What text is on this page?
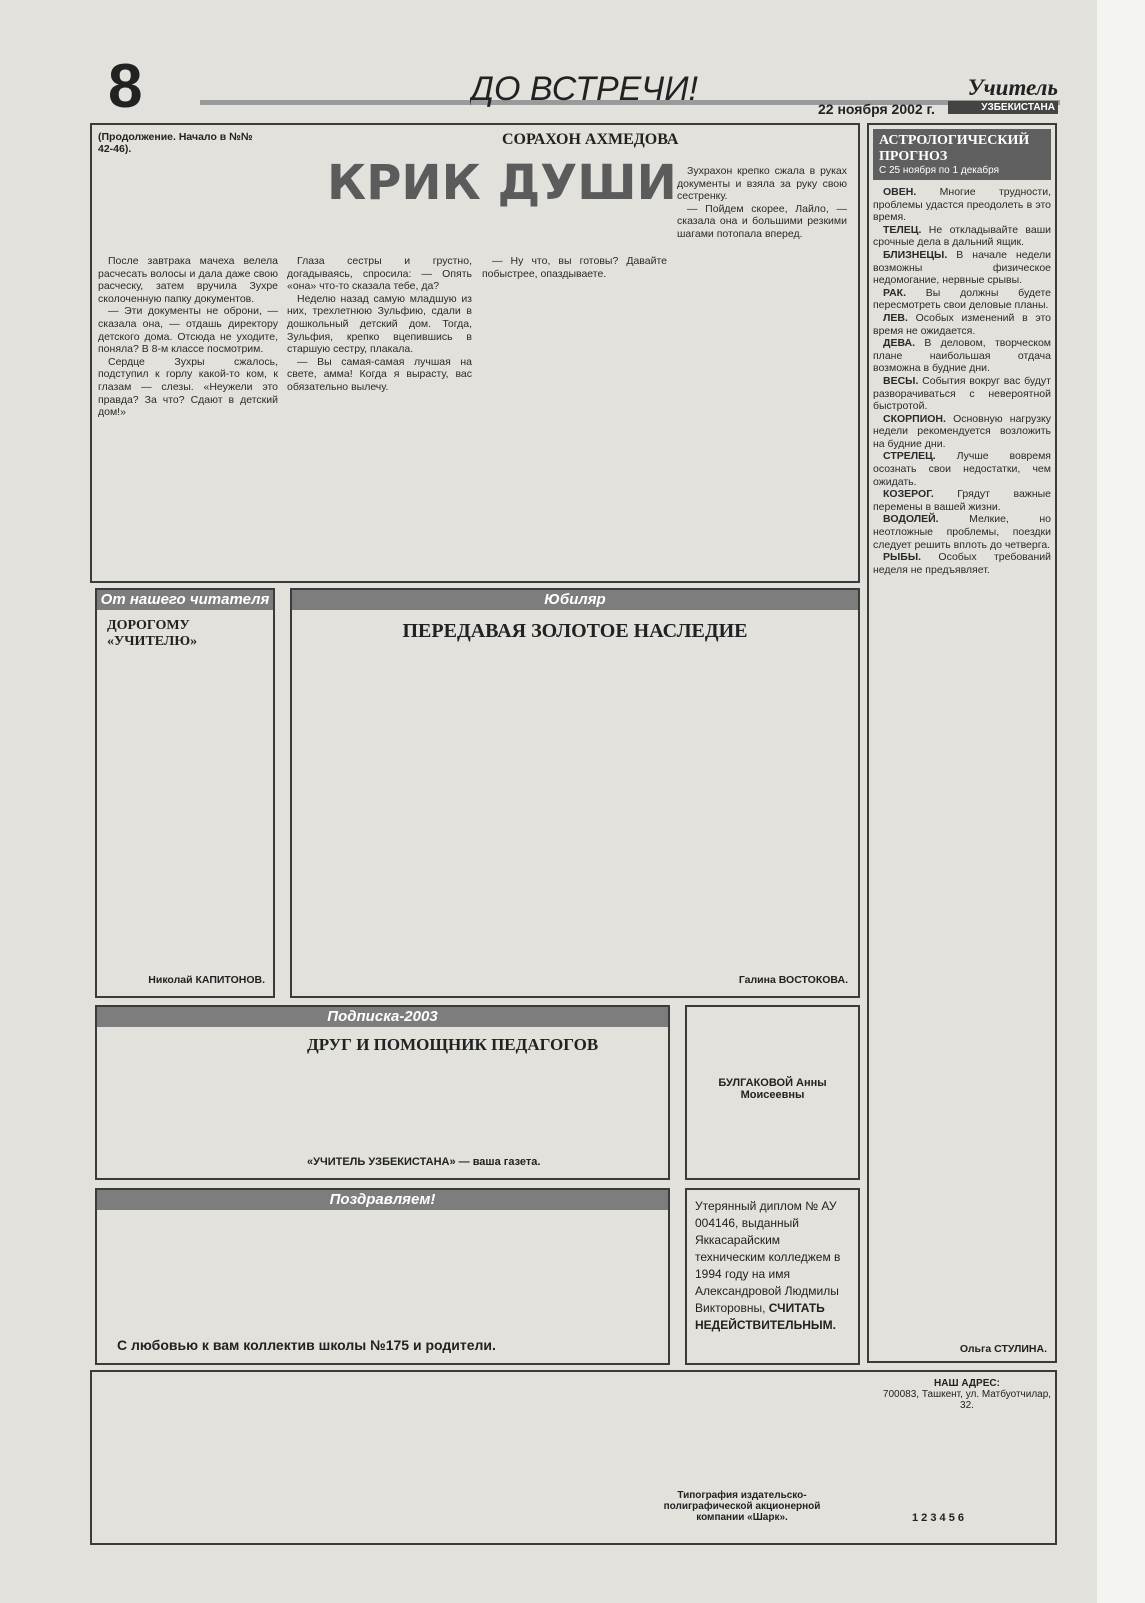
8	ДО ВСТРЕЧИ!
22 ноября 2002 г.
Учитель
УЗБЕКИСТАНА
(Продолжение. Начало в №№ 42-46).
СОРАХОН АХМЕДОВА
КРИК ДУШИ

После завтрака мачеха велела расчесать волосы и дала даже свою расческу, затем вручила Зухре сколоченную папку документов.

— Эти документы не оброни, — сказала она, — отдашь директору детского дома. Отсюда не уходите, поняла? В 8-м классе посмотрим.

Сердце Зухры сжалось, подступил к горлу какой-то ком, к глазам — слезы. «Неужели это правда? За что? Сдают в детский дом!»

Глаза сестры и грустно, догадываясь, спросила: — Опять «она» что-то сказала тебе, да?

Неделю назад самую младшую из них, трехлетнюю Зульфию, сдали в дошкольный детский дом. Тогда, Зульфия, крепко вцепившись в старшую сестру, плакала.

— Вы самая-самая лучшая на свете, амма! Когда я вырасту, вас обязательно вылечу.

— Ну что, вы готовы? Давайте побыстрее, опаздываете.

Зухрахон крепко сжала в руках документы и взяла за руку свою сестренку.

— Пойдем скорее, Лайло, — сказала она и большими резкими шагами потопала вперед.

АСТРОЛОГИЧЕСКИЙ ПРОГНОЗ
С 25 ноября по 1 декабря

ОВЕН. Многие трудности, проблемы удастся преодолеть в это время.

ТЕЛЕЦ. Не откладывайте ваши срочные дела в дальний ящик.

БЛИЗНЕЦЫ. В начале недели возможны физическое недомогание, нервные срывы.

РАК. Вы должны будете пересмотреть свои деловые планы.

ЛЕВ. Особых изменений в это время не ожидается.

ДЕВА. В деловом, творческом плане наибольшая отдача возможна в будние дни.

ВЕСЫ. События вокруг вас будут разворачиваться с невероятной быстротой.

СКОРПИОН. Основную нагрузку недели рекомендуется возложить на будние дни.

СТРЕЛЕЦ. Лучше вовремя осознать свои недостатки, чем ожидать.

КОЗЕРОГ. Грядут важные перемены в вашей жизни.

ВОДОЛЕЙ.	Мелкие, но неотложные проблемы, поездки следует решить вплоть до четверга.

РЫБЫ. Особых требований неделя не предъявляет.

Ольга СТУЛИНА.
От нашего читателя
ДОРОГОМУ «УЧИТЕЛЮ»
Николай КАПИТОНОВ.
Юбиляр
ПЕРЕДАВАЯ ЗОЛОТОЕ НАСЛЕДИЕ
Галина ВОСТОКОВА.
Подписка-2003
ДРУГ И ПОМОЩНИК ПЕДАГОГОВ
«УЧИТЕЛЬ УЗБЕКИСТАНА» — ваша газета.
БУЛГАКОВОЙ Анны Моисеевны
Поздравляем!
С любовью к вам коллектив школы №175 и родители.
Утерянный диплом № АУ 004146, выданный Яккасарайским техническим колледжем в 1994 году на имя Александровой Людмилы Викторовны, СЧИТАТЬ НЕДЕЙСТВИТЕЛЬНЫМ.
НАШ АДРЕС:
700083, Ташкент, ул. Матбуотчилар, 32.
Типография издательско-полиграфической акционерной компании «Шарк».	1 2 3 4 5 6
